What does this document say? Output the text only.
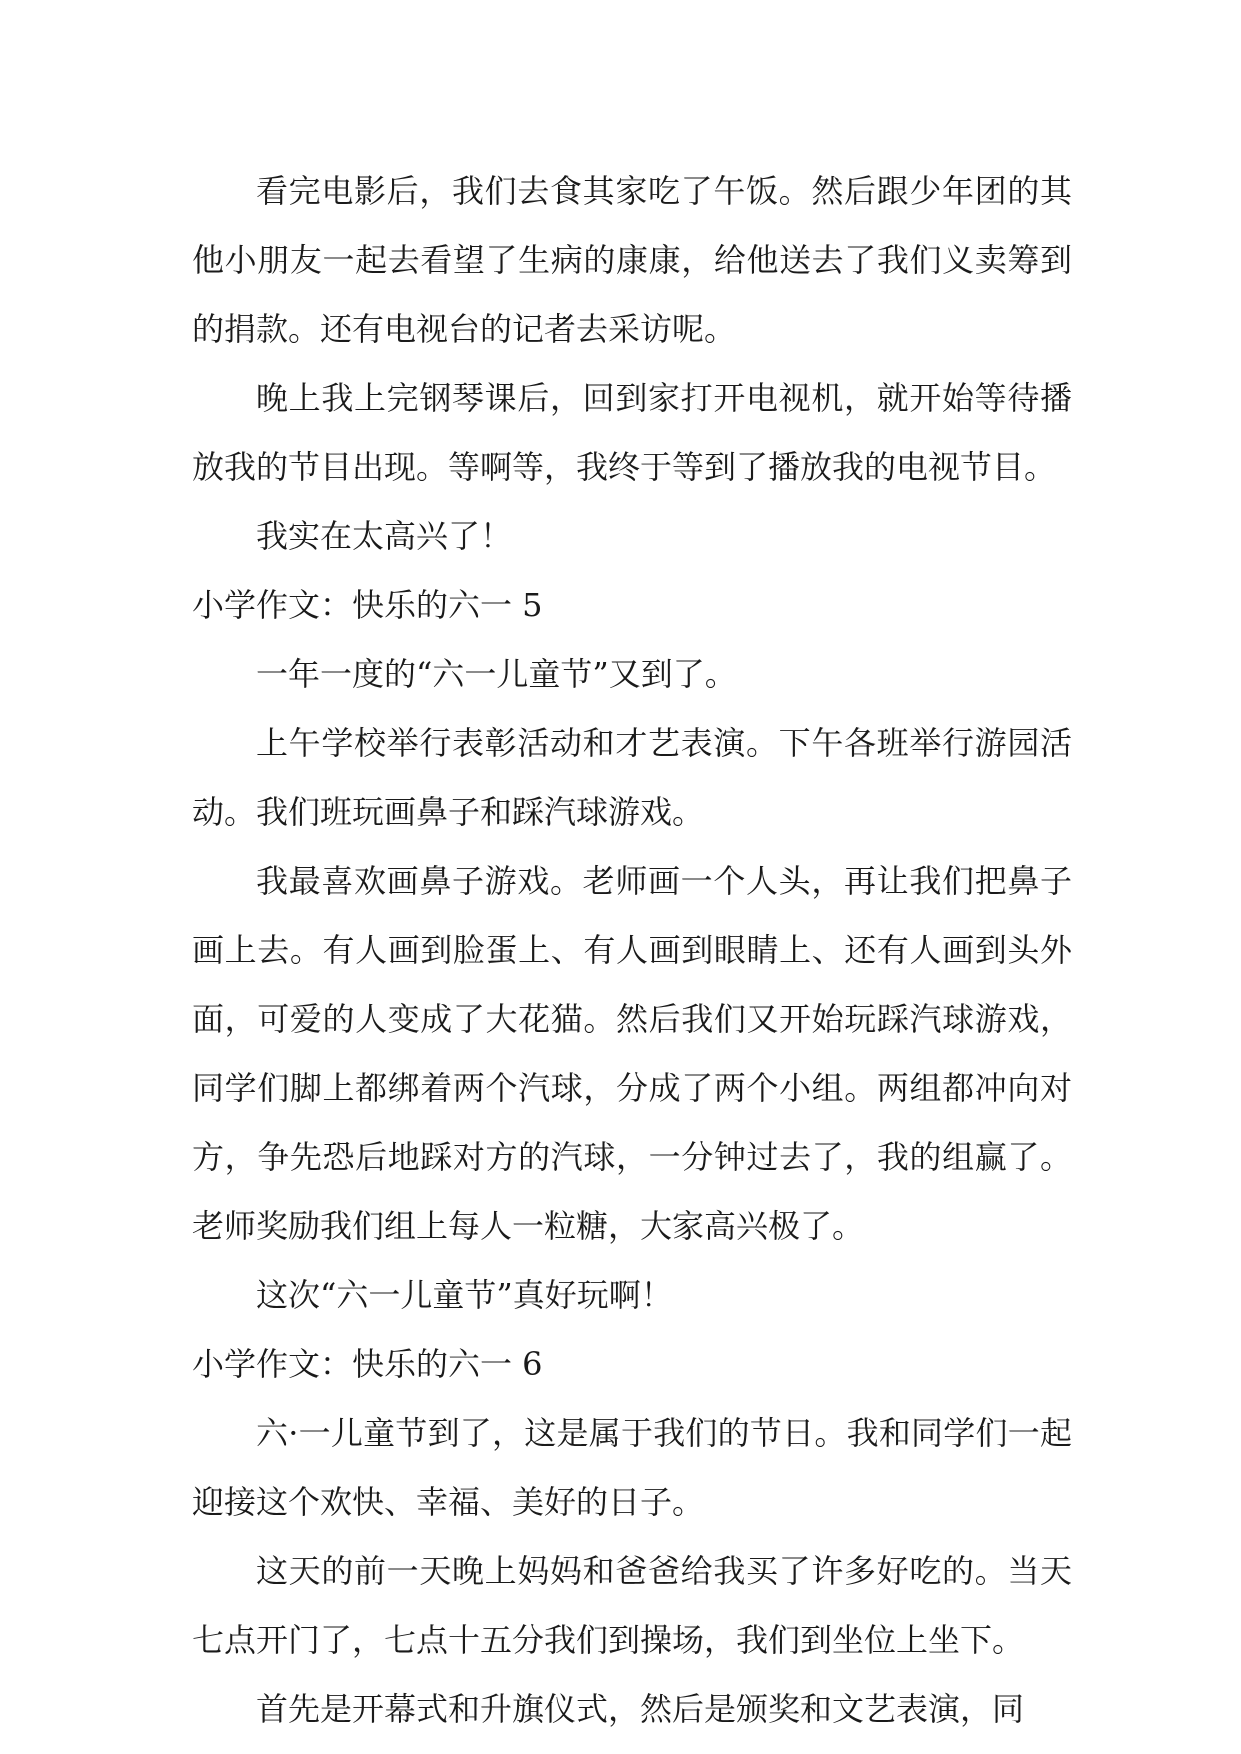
看完电影后，我们去食其家吃了午饭。然后跟少年团的其他小朋友一起去看望了生病的康康，给他送去了我们义卖筹到的捐款。还有电视台的记者去采访呢。

晚上我上完钢琴课后，回到家打开电视机，就开始等待播放我的节目出现。等啊等，我终于等到了播放我的电视节目。

我实在太高兴了！

小学作文：快乐的六一 5

一年一度的“六一儿童节”又到了。

上午学校举行表彰活动和才艺表演。下午各班举行游园活动。我们班玩画鼻子和踩汽球游戏。

我最喜欢画鼻子游戏。老师画一个人头，再让我们把鼻子画上去。有人画到脸蛋上、有人画到眼睛上、还有人画到头外面，可爱的人变成了大花猫。然后我们又开始玩踩汽球游戏，同学们脚上都绑着两个汽球，分成了两个小组。两组都冲向对方，争先恐后地踩对方的汽球，一分钟过去了，我的组赢了。老师奖励我们组上每人一粒糖，大家高兴极了。

这次“六一儿童节”真好玩啊！

小学作文：快乐的六一 6

六·一儿童节到了，这是属于我们的节日。我和同学们一起迎接这个欢快、幸福、美好的日子。

这天的前一天晚上妈妈和爸爸给我买了许多好吃的。当天七点开门了，七点十五分我们到操场，我们到坐位上坐下。

首先是开幕式和升旗仪式，然后是颁奖和文艺表演，同
